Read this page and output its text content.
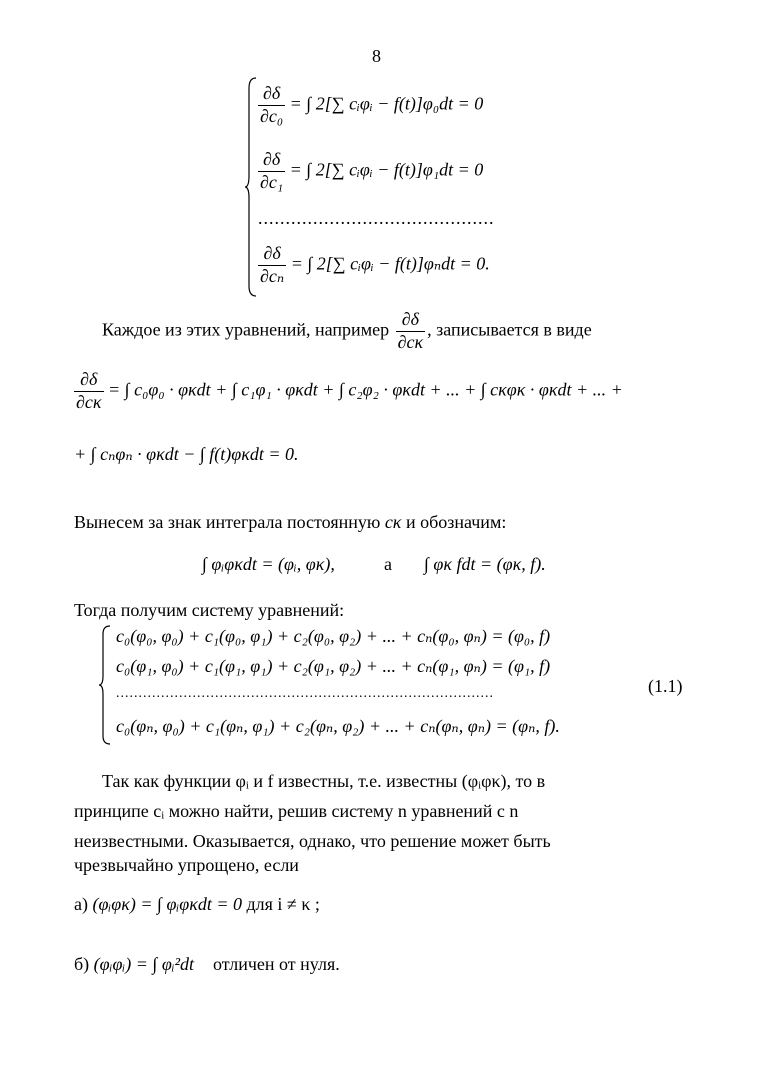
8
$\frac{\partial\delta}{\text{∂c₀}}$ = ∫ 2[∑ cᵢφᵢ − f(t)]φ₀dt = 0
$\frac{\partial\delta}{\text{∂c₁}}$ = ∫ 2[∑ cᵢφᵢ − f(t)]φ₁dt = 0
...........................................
$\frac{\partial\delta}{\text{∂cₙ}}$ = ∫ 2[∑ cᵢφᵢ − f(t)]φₙdt = 0.
Каждое из этих уравнений, например $\frac{\partial\delta}{\partial c\kappa}$ , записывается в виде
$\frac{\partial\delta}{\partial c\kappa}$ = ∫ c₀φ₀ · φκdt + ∫ c₁φ₁ · φκdt + ∫ c₂φ₂ · φκdt + ... + ∫ cκφκ · φκdt + ... +
+ ∫ cₙφₙ · φκdt − ∫ f(t)φκdt = 0.
Вынесем за знак интеграла постоянную cκ и обозначим:
∫ φᵢφκdt = (φᵢ, φκ),	а ∫ φκ fdt = (φκ, f).
Тогда получим систему уравнений:
c₀(φ₀, φ₀) + c₁(φ₀, φ₁) + c₂(φ₀, φ₂) + ... + cₙ(φ₀, φₙ) = (φ₀, f)
c₀(φ₁, φ₀) + c₁(φ₁, φ₁) + c₂(φ₁, φ₂) + ... + cₙ(φ₁, φₙ) = (φ₁, f)
....................................................................................
c₀(φₙ, φ₀) + c₁(φₙ, φ₁) + c₂(φₙ, φ₂) + ... + cₙ(φₙ, φₙ) = (φₙ, f).
(1.1)
Так как функции φᵢ и f известны, т.е. известны (φᵢφκ), то в
принципе cᵢ можно найти, решив систему n уравнений с n
неизвестными. Оказывается, однако, что решение может быть
чрезвычайно упрощено, если
а) (φᵢφκ) = ∫ φᵢφκdt = 0 для i ≠ κ ;
б) (φᵢφᵢ) = ∫ φᵢ²dt отличен от нуля.
